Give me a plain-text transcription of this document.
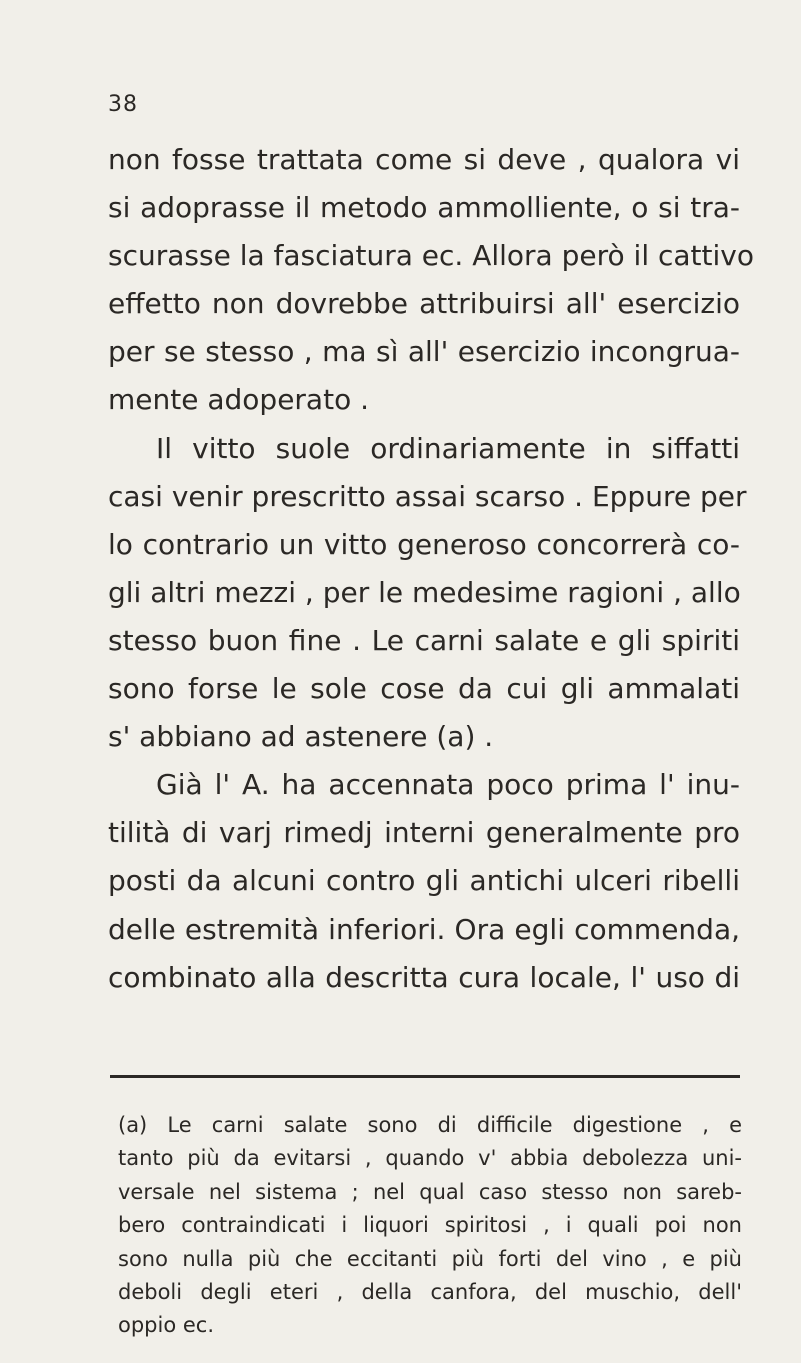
38
non fosse trattata come si deve , qualora vi
si adoprasse il metodo ammolliente, o si tra-
scurasse la fasciatura ec. Allora però il cattivo
effetto non dovrebbe attribuirsi all' esercizio
per se stesso , ma sì all' esercizio incongrua-
mente adoperato .
Il vitto suole ordinariamente in siffatti
casi venir prescritto assai scarso . Eppure per
lo contrario un vitto generoso concorrerà co-
gli altri mezzi , per le medesime ragioni , allo
stesso buon fine . Le carni salate e gli spiriti
sono forse le sole cose da cui gli ammalati
s' abbiano ad astenere (a) .
Già l' A. ha accennata poco prima l' inu-
tilità di varj rimedj interni generalmente pro
posti da alcuni contro gli antichi ulceri ribelli
delle estremità inferiori. Ora egli commenda,
combinato alla descritta cura locale, l' uso di
(a) Le carni salate sono di difficile digestione , e
tanto più da evitarsi , quando v' abbia debolezza uni-
versale nel sistema ; nel qual caso stesso non sareb-
bero contraindicati i liquori spiritosi , i quali poi non
sono nulla più che eccitanti più forti del vino , e più
deboli degli eteri , della canfora, del muschio, dell'
oppio ec.
